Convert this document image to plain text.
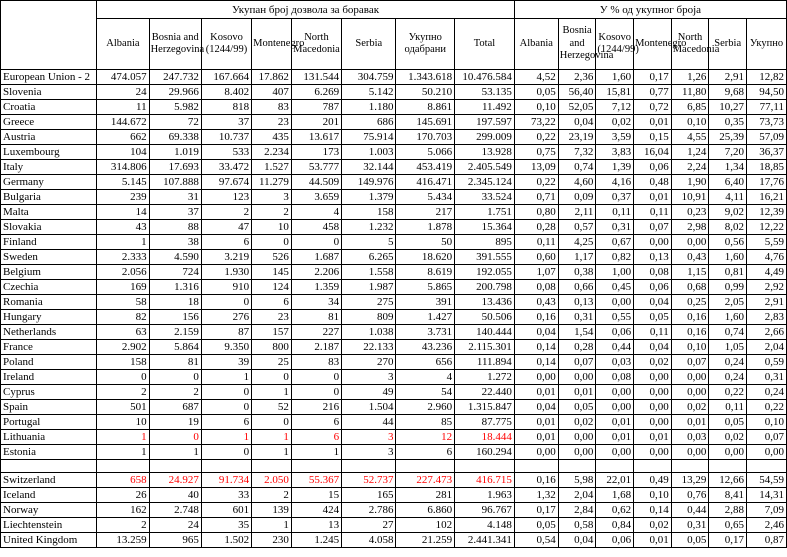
	Укупан број дозвола за боравак								У % од укупног броја						
	Albania	Bosnia and Herzegovina	Kosovo (1244/99)	Montenegro	North Macedonia	Serbia	Укупно одабрани	Total	Albania	Bosnia and Herzegovina	Kosovo (1244/99)	Montenegro	North Macedonia	Serbia	Укупно
European Union - 2	474.057	247.732	167.664	17.862	131.544	304.759	1.343.618	10.476.584	4,52	2,36	1,60	0,17	1,26	2,91	12,82
Slovenia	24	29.966	8.402	407	6.269	5.142	50.210	53.135	0,05	56,40	15,81	0,77	11,80	9,68	94,50
Croatia	11	5.982	818	83	787	1.180	8.861	11.492	0,10	52,05	7,12	0,72	6,85	10,27	77,11
Greece	144.672	72	37	23	201	686	145.691	197.597	73,22	0,04	0,02	0,01	0,10	0,35	73,73
Austria	662	69.338	10.737	435	13.617	75.914	170.703	299.009	0,22	23,19	3,59	0,15	4,55	25,39	57,09
Luxembourg	104	1.019	533	2.234	173	1.003	5.066	13.928	0,75	7,32	3,83	16,04	1,24	7,20	36,37
Italy	314.806	17.693	33.472	1.527	53.777	32.144	453.419	2.405.549	13,09	0,74	1,39	0,06	2,24	1,34	18,85
Germany	5.145	107.888	97.674	11.279	44.509	149.976	416.471	2.345.124	0,22	4,60	4,16	0,48	1,90	6,40	17,76
Bulgaria	239	31	123	3	3.659	1.379	5.434	33.524	0,71	0,09	0,37	0,01	10,91	4,11	16,21
Malta	14	37	2	2	4	158	217	1.751	0,80	2,11	0,11	0,11	0,23	9,02	12,39
Slovakia	43	88	47	10	458	1.232	1.878	15.364	0,28	0,57	0,31	0,07	2,98	8,02	12,22
Finland	1	38	6	0	0	5	50	895	0,11	4,25	0,67	0,00	0,00	0,56	5,59
Sweden	2.333	4.590	3.219	526	1.687	6.265	18.620	391.555	0,60	1,17	0,82	0,13	0,43	1,60	4,76
Belgium	2.056	724	1.930	145	2.206	1.558	8.619	192.055	1,07	0,38	1,00	0,08	1,15	0,81	4,49
Czechia	169	1.316	910	124	1.359	1.987	5.865	200.798	0,08	0,66	0,45	0,06	0,68	0,99	2,92
Romania	58	18	0	6	34	275	391	13.436	0,43	0,13	0,00	0,04	0,25	2,05	2,91
Hungary	82	156	276	23	81	809	1.427	50.506	0,16	0,31	0,55	0,05	0,16	1,60	2,83
Netherlands	63	2.159	87	157	227	1.038	3.731	140.444	0,04	1,54	0,06	0,11	0,16	0,74	2,66
France	2.902	5.864	9.350	800	2.187	22.133	43.236	2.115.301	0,14	0,28	0,44	0,04	0,10	1,05	2,04
Poland	158	81	39	25	83	270	656	111.894	0,14	0,07	0,03	0,02	0,07	0,24	0,59
Ireland	0	0	1	0	0	3	4	1.272	0,00	0,00	0,08	0,00	0,00	0,24	0,31
Cyprus	2	2	0	1	0	49	54	22.440	0,01	0,01	0,00	0,00	0,00	0,22	0,24
Spain	501	687	0	52	216	1.504	2.960	1.315.847	0,04	0,05	0,00	0,00	0,02	0,11	0,22
Portugal	10	19	6	0	6	44	85	87.775	0,01	0,02	0,01	0,00	0,01	0,05	0,10
Lithuania	1	0	1	1	6	3	12	18.444	0,01	0,00	0,01	0,01	0,03	0,02	0,07
Estonia	1	1	0	1	1	3	6	160.294	0,00	0,00	0,00	0,00	0,00	0,00	0,00

Switzerland	658	24.927	91.734	2.050	55.367	52.737	227.473	416.715	0,16	5,98	22,01	0,49	13,29	12,66	54,59
Iceland	26	40	33	2	15	165	281	1.963	1,32	2,04	1,68	0,10	0,76	8,41	14,31
Norway	162	2.748	601	139	424	2.786	6.860	96.767	0,17	2,84	0,62	0,14	0,44	2,88	7,09
Liechtenstein	2	24	35	1	13	27	102	4.148	0,05	0,58	0,84	0,02	0,31	0,65	2,46
United Kingdom	13.259	965	1.502	230	1.245	4.058	21.259	2.441.341	0,54	0,04	0,06	0,01	0,05	0,17	0,87
